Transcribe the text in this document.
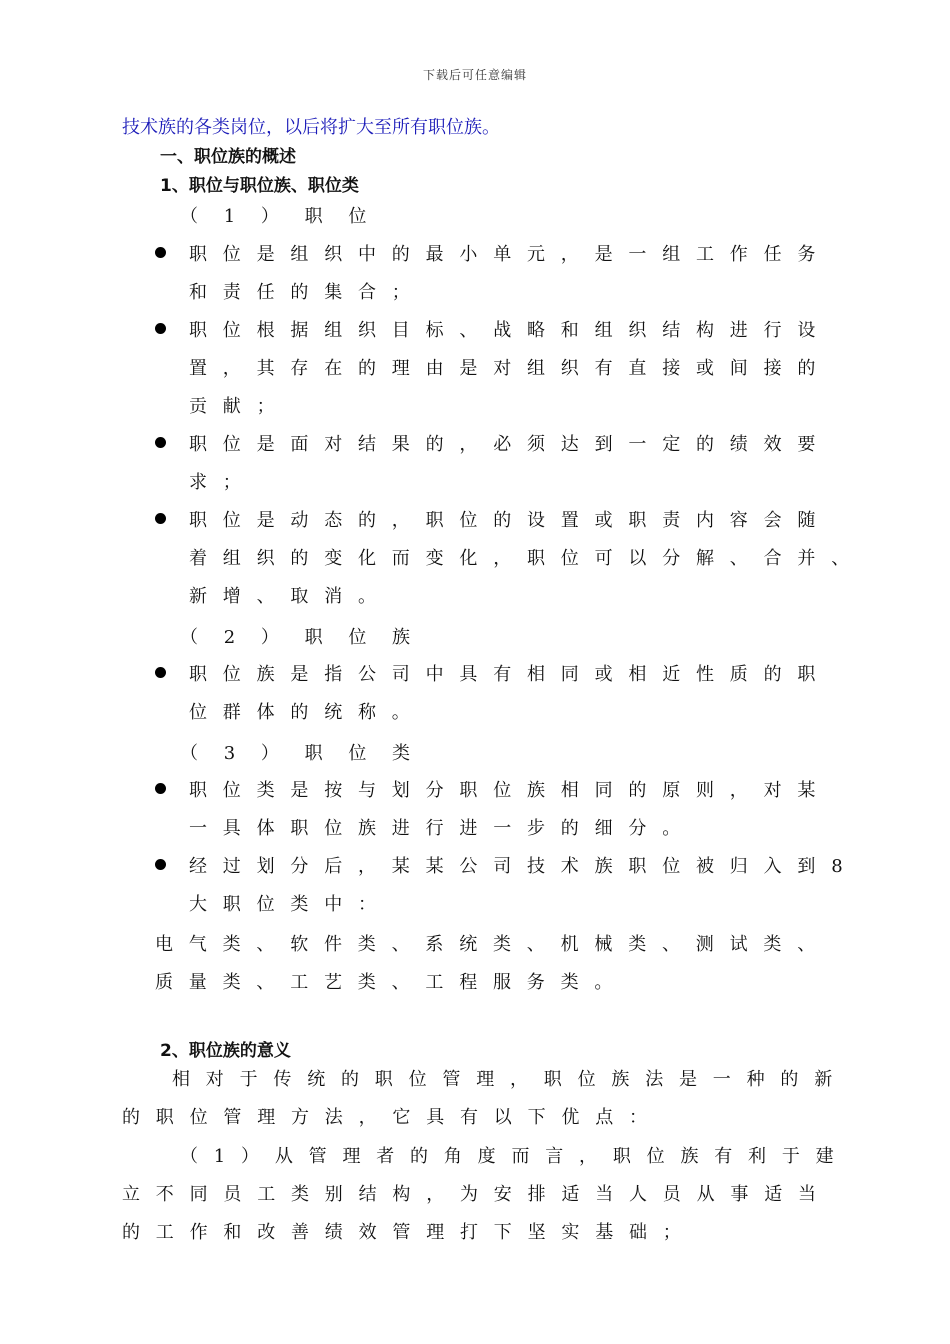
下载后可任意编辑
技术族的各类岗位，以后将扩大至所有职位族。
一、职位族的概述
1、职位与职位族、职位类
（ 1 ） 职 位
职位是组织中的最小单元，是一组工作任务
和责任的集合；
职位根据组织目标、战略和组织结构进行设
置，其存在的理由是对组织有直接或间接的
贡献；
职位是面对结果的，必须达到一定的绩效要
求；
职位是动态的，职位的设置或职责内容会随
着组织的变化而变化，职位可以分解、合并、
新增、取消。
（ 2 ） 职 位 族
职位族是指公司中具有相同或相近性质的职
位群体的统称。
（ 3 ） 职 位 类
职位类是按与划分职位族相同的原则，对某
一具体职位族进行进一步的细分。
经过划分后，某某公司技术族职位被归入到8
大职位类中：
电气类、软件类、系统类、机械类、测试类、
质量类、工艺类、工程服务类。
2、职位族的意义
相对于传统的职位管理，职位族法是一种的新
的职位管理方法，它具有以下优点：
（1）从管理者的角度而言，职位族有利于建
立不同员工类别结构，为安排适当人员从事适当
的工作和改善绩效管理打下坚实基础；
